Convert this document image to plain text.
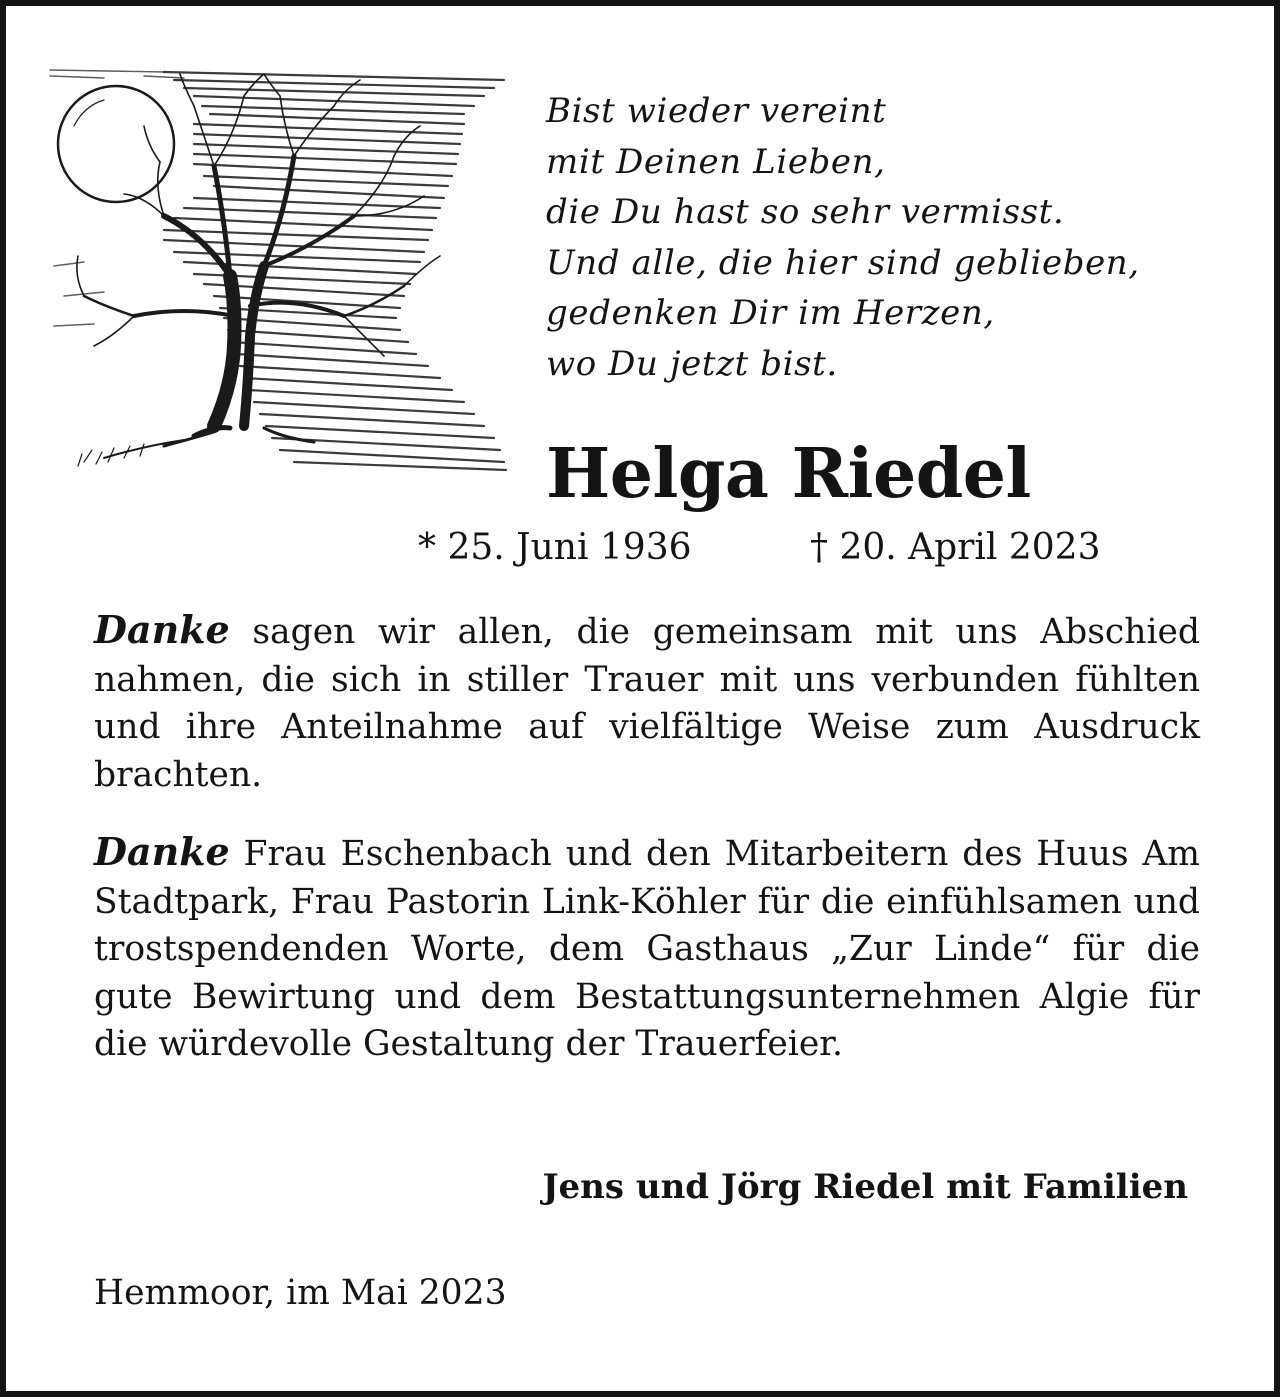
Bist wieder vereint
mit Deinen Lieben,
die Du hast so sehr vermisst.
Und alle, die hier sind geblieben,
gedenken Dir im Herzen,
wo Du jetzt bist.
Helga Riedel
* 25. Juni 1936	† 20. April 2023

Danke sagen wir allen, die gemeinsam mit uns Abschied nahmen, die sich in stiller Trauer mit uns verbunden fühlten und ihre Anteilnahme auf vielfältige Weise zum Ausdruck brachten.

Danke Frau Eschenbach und den Mitarbeitern des Huus Am Stadtpark, Frau Pastorin Link-Köhler für die einfühlsamen und trostspendenden Worte, dem Gasthaus „Zur Linde“ für die gute Bewirtung und dem Bestattungsunternehmen Algie für die würdevolle Gestaltung der Trauerfeier.

Jens und Jörg Riedel mit Familien
Hemmoor, im Mai 2023
